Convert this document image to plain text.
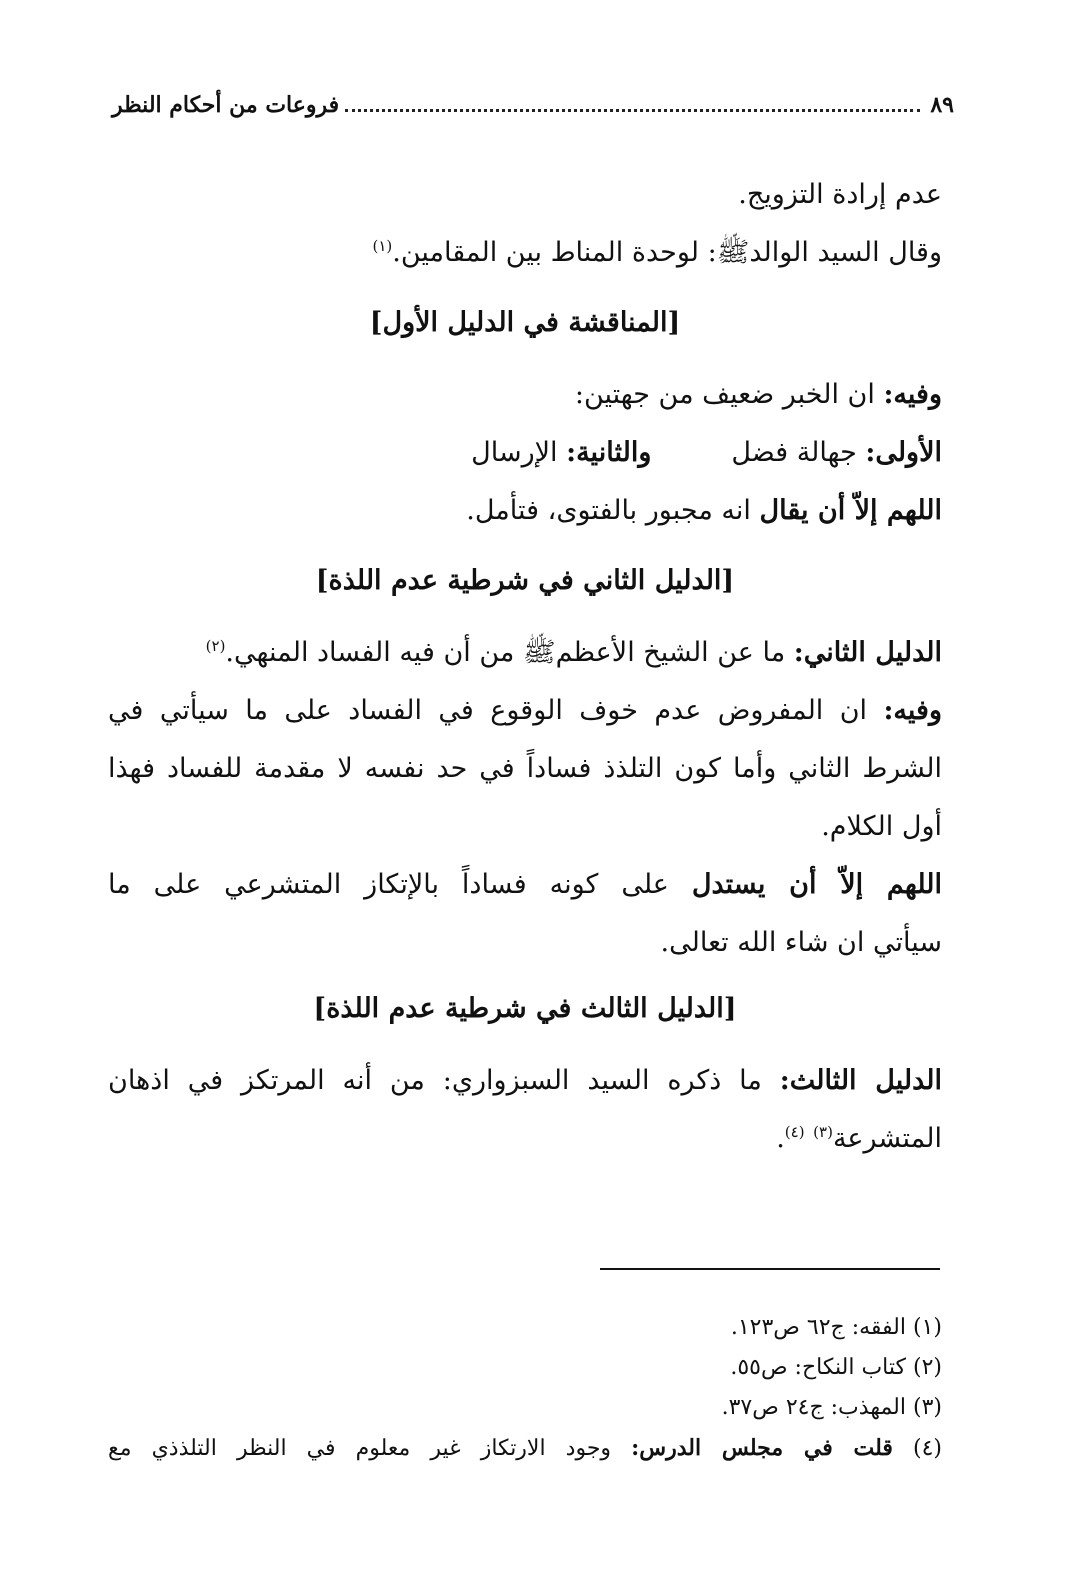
٨٩
فروعات من أحكام النظر
عدم إرادة التزويج.
وقال السيد الوالدﷺ: لوحدة المناط بين المقامين.$^{(١)}$
[المناقشة في الدليل الأول]
وفيه: ان الخبر ضعيف من جهتين:
الأولى: جهالة فضلوالثانية: الإرسال
اللهم إلاّ أن يقال انه مجبور بالفتوى، فتأمل.
[الدليل الثاني في شرطية عدم اللذة]
الدليل الثاني: ما عن الشيخ الأعظمﷺ من أن فيه الفساد المنهي.$^{(٢)}$
وفيه: ان المفروض عدم خوف الوقوع في الفساد على ما سيأتي في
الشرط الثاني وأما كون التلذذ فساداً في حد نفسه لا مقدمة للفساد فهذا
أول الكلام.
اللهم إلاّ أن يستدل على كونه فساداً بالإتكاز المتشرعي على ما
سيأتي ان شاء الله تعالى.
[الدليل الثالث في شرطية عدم اللذة]
الدليل الثالث: ما ذكره السيد السبزواري: من أنه المرتكز في اذهان
المتشرعة$^{(٣)}$ $^{(٤)}$.
(١) الفقه: ج٦٢ ص١٢٣.
(٢) كتاب النكاح: ص٥٥.
(٣) المهذب: ج٢٤ ص٣٧.
(٤) قلت في مجلس الدرس: وجود الارتكاز غير معلوم في النظر التلذذي مع
